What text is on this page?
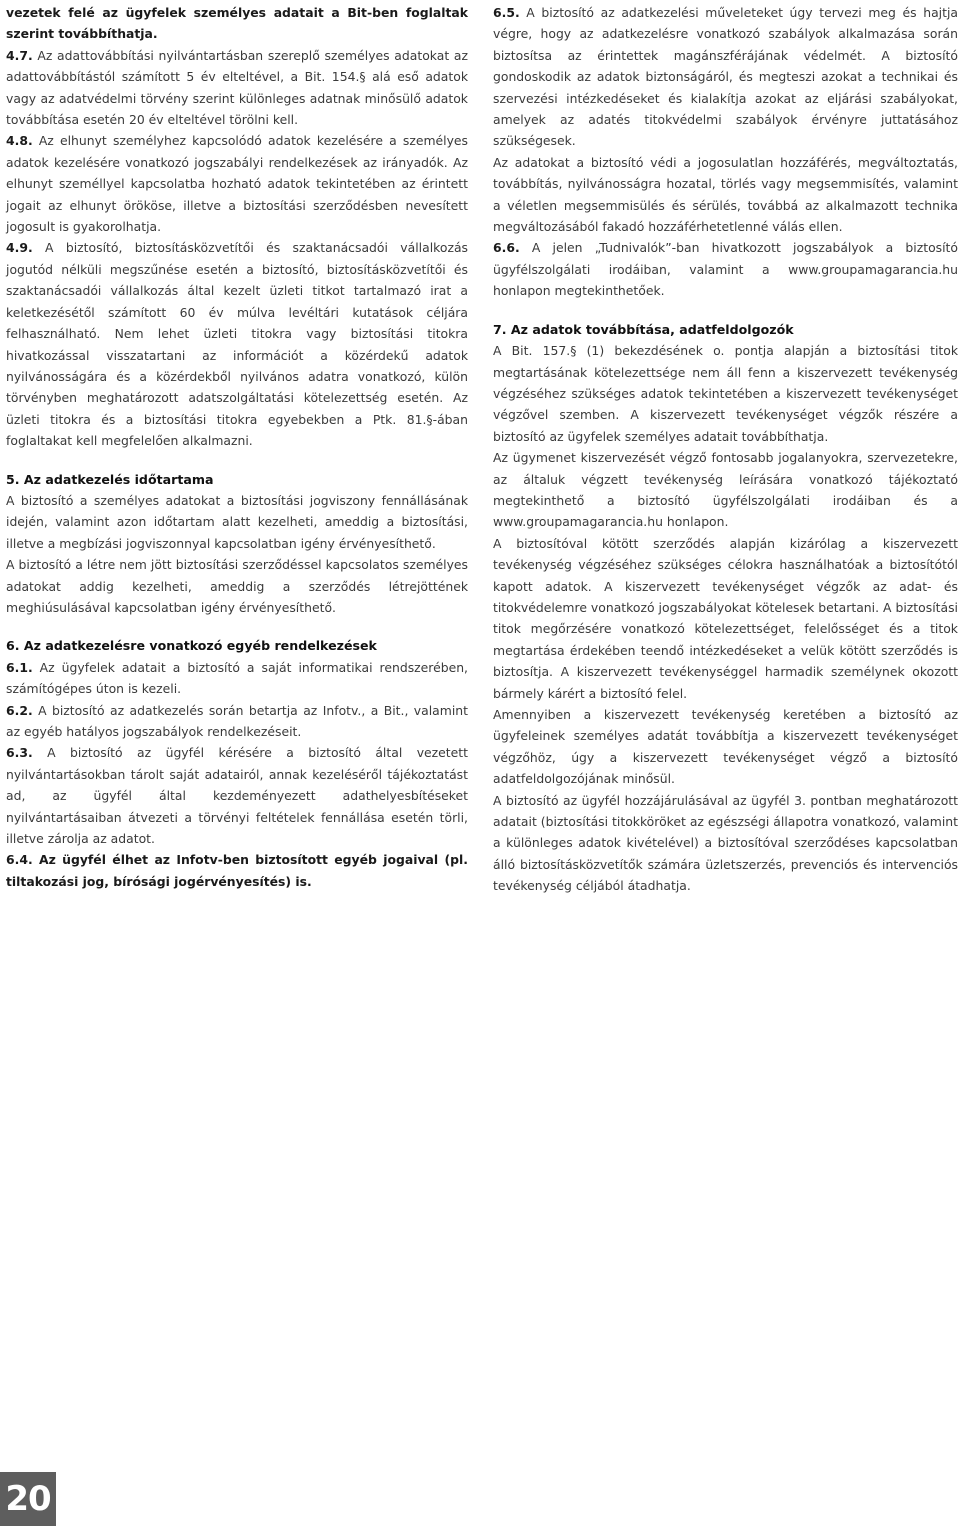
vezetek felé az ügyfelek személyes adatait a Bit-ben foglaltak szerint továbbíthatja.

4.7. Az adattovábbítási nyilvántartásban szereplő személyes adatokat az adattovábbítástól számított 5 év elteltével, a Bit. 154.§ alá eső adatok vagy az adatvédelmi törvény szerint különleges adatnak minősülő adatok továbbítása esetén 20 év elteltével törölni kell.

4.8. Az elhunyt személyhez kapcsolódó adatok kezelésére a személyes adatok kezelésére vonatkozó jogszabályi rendelkezések az irányadók. Az elhunyt személlyel kapcsolatba hozható adatok tekintetében az érintett jogait az elhunyt örököse, illetve a biztosítási szerződésben nevesített jogosult is gyakorolhatja.

4.9. A biztosító, biztosításközvetítői és szaktanácsadói vállalkozás jogutód nélküli megszűnése esetén a biztosító, biztosításközvetítői és szaktanácsadói vállalkozás által kezelt üzleti titkot tartalmazó irat a keletkezésétől számított 60 év múlva levéltári kutatások céljára felhasználható. Nem lehet üzleti titokra vagy biztosítási titokra hivatkozással visszatartani az információt a közérdekű adatok nyilvánosságára és a közérdekből nyilvános adatra vonatkozó, külön törvényben meghatározott adatszolgáltatási kötelezettség esetén. Az üzleti titokra és a biztosítási titokra egyebekben a Ptk. 81.§-ában foglaltakat kell megfelelően alkalmazni.

5. Az adatkezelés időtartama

A biztosító a személyes adatokat a biztosítási jogviszony fennállásának idején, valamint azon időtartam alatt kezelheti, ameddig a biztosítási, illetve a megbízási jogviszonnyal kapcsolatban igény érvényesíthető.

A biztosító a létre nem jött biztosítási szerződéssel kapcsolatos személyes adatokat addig kezelheti, ameddig a szerződés létrejöttének meghiúsulásával kapcsolatban igény érvényesíthető.

6. Az adatkezelésre vonatkozó egyéb rendelkezések

6.1. Az ügyfelek adatait a biztosító a saját informatikai rendszerében, számítógépes úton is kezeli.

6.2. A biztosító az adatkezelés során betartja az Infotv., a Bit., valamint az egyéb hatályos jogszabályok rendelkezéseit.

6.3. A biztosító az ügyfél kérésére a biztosító által vezetett nyilvántartásokban tárolt saját adatairól, annak kezeléséről tájékoztatást ad, az ügyfél által kezdeményezett adathelyesbítéseket nyilvántartásaiban átvezeti a törvényi feltételek fennállása esetén törli, illetve zárolja az adatot.

6.4. Az ügyfél élhet az Infotv-ben biztosított egyéb jogaival (pl. tiltakozási jog, bírósági jogérvényesítés) is.

6.5. A biztosító az adatkezelési műveleteket úgy tervezi meg és hajtja végre, hogy az adatkezelésre vonatkozó szabályok alkalmazása során biztosítsa az érintettek magánszférájának védelmét. A biztosító gondoskodik az adatok biztonságáról, és megteszi azokat a technikai és szervezési intézkedéseket és kialakítja azokat az eljárási szabályokat, amelyek az adatés titokvédelmi szabályok érvényre juttatásához szükségesek.

Az adatokat a biztosító védi a jogosulatlan hozzáférés, megváltoztatás, továbbítás, nyilvánosságra hozatal, törlés vagy megsemmisítés, valamint a véletlen megsemmisülés és sérülés, továbbá az alkalmazott technika megváltozásából fakadó hozzáférhetetlenné válás ellen.

6.6. A jelen „Tudnivalók”-ban hivatkozott jogszabályok a biztosító ügyfélszolgálati irodáiban, valamint a www.groupamagarancia.hu honlapon megtekinthetőek.

7. Az adatok továbbítása, adatfeldolgozók

A Bit. 157.§ (1) bekezdésének o. pontja alapján a biztosítási titok megtartásának kötelezettsége nem áll fenn a kiszervezett tevékenység végzéséhez szükséges adatok tekintetében a kiszervezett tevékenységet végzővel szemben. A kiszervezett tevékenységet végzők részére a biztosító az ügyfelek személyes adatait továbbíthatja.

Az ügymenet kiszervezését végző fontosabb jogalanyokra, szervezetekre, az általuk végzett tevékenység leírására vonatkozó tájékoztató megtekinthető a biztosító ügyfélszolgálati irodáiban és a www.groupamagarancia.hu honlapon.

A biztosítóval kötött szerződés alapján kizárólag a kiszervezett tevékenység végzéséhez szükséges célokra használhatóak a biztosítótól kapott adatok. A kiszervezett tevékenységet végzők az adat- és titokvédelemre vonatkozó jogszabályokat kötelesek betartani. A biztosítási titok megőrzésére vonatkozó kötelezettséget, felelősséget és a titok megtartása érdekében teendő intézkedéseket a velük kötött szerződés is biztosítja. A kiszervezett tevékenységgel harmadik személynek okozott bármely kárért a biztosító felel.

Amennyiben a kiszervezett tevékenység keretében a biztosító az ügyfeleinek személyes adatát továbbítja a kiszervezett tevékenységet végzőhöz, úgy a kiszervezett tevékenységet végző a biztosító adatfeldolgozójának minősül.

A biztosító az ügyfél hozzájárulásával az ügyfél 3. pontban meghatározott adatait (biztosítási titokköröket az egészségi állapotra vonatkozó, valamint a különleges adatok kivételével) a biztosítóval szerződéses kapcsolatban álló biztosításközvetítők számára üzletszerzés, prevenciós és intervenciós tevékenység céljából átadhatja.

20
